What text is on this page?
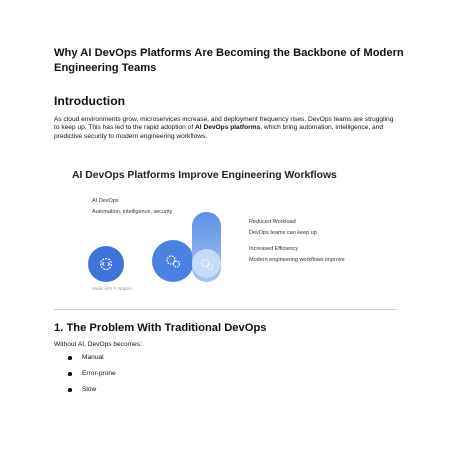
Why AI DevOps Platforms Are Becoming the Backbone of Modern Engineering Teams
Introduction

As cloud environments grow, microservices increase, and deployment frequency rises, DevOps teams are struggling to keep up. This has led to the rapid adoption of AI DevOps platforms, which bring automation, intelligence, and predictive security to modern engineering workflows.

AI DevOps Platforms Improve Engineering Workflows

AI DevOps

Automation, intelligence, security

Reduced Workload

DevOps teams can keep up

Increased Efficiency

Modern engineering workflows improve

Made with ✎ Napkin

1. The Problem With Traditional DevOps

Without AI, DevOps becomes:

Manual
Error-prone
Slow
